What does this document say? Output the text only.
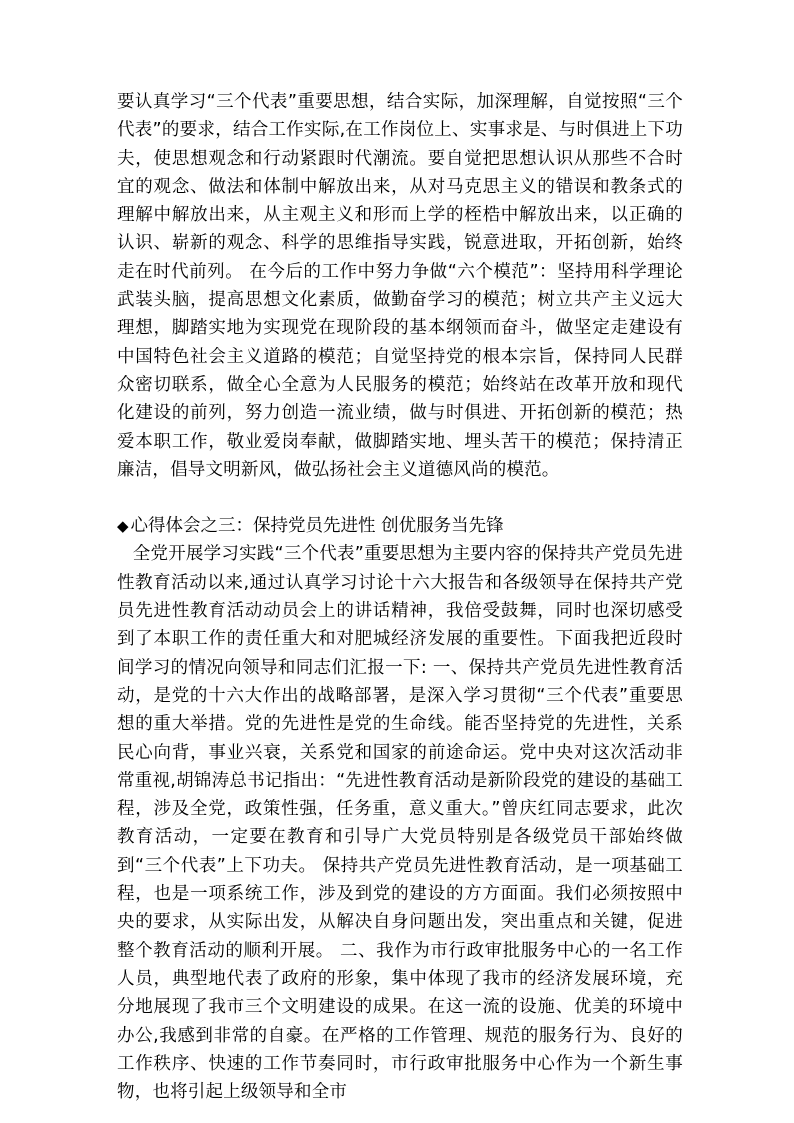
要认真学习“三个代表”重要思想，结合实际，加深理解，自觉按照“三个代表”的要求，结合工作实际,在工作岗位上、实事求是、与时俱进上下功夫，使思想观念和行动紧跟时代潮流。要自觉把思想认识从那些不合时宜的观念、做法和体制中解放出来，从对马克思主义的错误和教条式的理解中解放出来，从主观主义和形而上学的桎梏中解放出来，以正确的认识、崭新的观念、科学的思维指导实践，锐意进取，开拓创新，始终走在时代前列。 在今后的工作中努力争做“六个模范”：坚持用科学理论武装头脑，提高思想文化素质，做勤奋学习的模范；树立共产主义远大理想，脚踏实地为实现党在现阶段的基本纲领而奋斗，做坚定走建设有中国特色社会主义道路的模范；自觉坚持党的根本宗旨，保持同人民群众密切联系，做全心全意为人民服务的模范；始终站在改革开放和现代化建设的前列，努力创造一流业绩，做与时俱进、开拓创新的模范；热爱本职工作，敬业爱岗奉献，做脚踏实地、埋头苦干的模范；保持清正廉洁，倡导文明新风，做弘扬社会主义道德风尚的模范。

◆ 心得体会之三：保持党员先进性 创优服务当先锋

全党开展学习实践“三个代表”重要思想为主要内容的保持共产党员先进性教育活动以来,通过认真学习讨论十六大报告和各级领导在保持共产党员先进性教育活动动员会上的讲话精神，我倍受鼓舞，同时也深切感受到了本职工作的责任重大和对肥城经济发展的重要性。下面我把近段时间学习的情况向领导和同志们汇报一下: 一、保持共产党员先进性教育活动，是党的十六大作出的战略部署，是深入学习贯彻“三个代表”重要思想的重大举措。党的先进性是党的生命线。能否坚持党的先进性，关系民心向背，事业兴衰，关系党和国家的前途命运。党中央对这次活动非常重视,胡锦涛总书记指出：“先进性教育活动是新阶段党的建设的基础工程，涉及全党，政策性强，任务重，意义重大。”曾庆红同志要求，此次教育活动，一定要在教育和引导广大党员特别是各级党员干部始终做到“三个代表”上下功夫。 保持共产党员先进性教育活动，是一项基础工程，也是一项系统工作，涉及到党的建设的方方面面。我们必须按照中央的要求，从实际出发，从解决自身问题出发，突出重点和关键，促进整个教育活动的顺利开展。 二、我作为市行政审批服务中心的一名工作人员，典型地代表了政府的形象，集中体现了我市的经济发展环境，充分地展现了我市三个文明建设的成果。在这一流的设施、优美的环境中办公,我感到非常的自豪。在严格的工作管理、规范的服务行为、良好的工作秩序、快速的工作节奏同时，市行政审批服务中心作为一个新生事物，也将引起上级领导和全市
